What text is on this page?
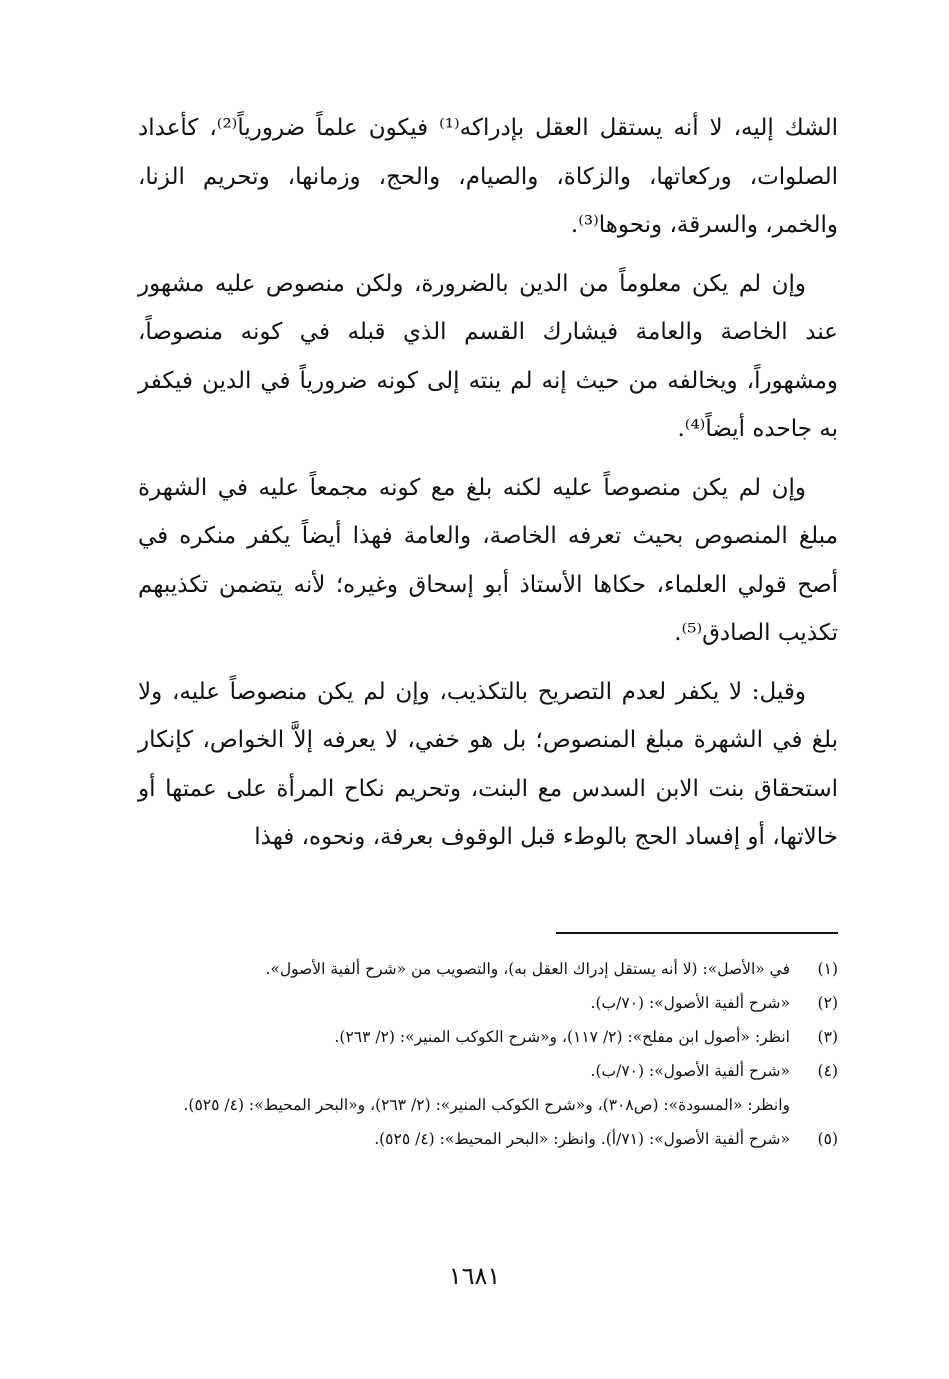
الشك إليه، لا أنه يستقل العقل بإدراكه⁽¹⁾ فيكون علماً ضرورياً⁽²⁾، كأعداد الصلوات، وركعاتها، والزكاة، والصيام، والحج، وزمانها، وتحريم الزنا، والخمر، والسرقة، ونحوها⁽³⁾.

وإن لم يكن معلوماً من الدين بالضرورة، ولكن منصوص عليه مشهور عند الخاصة والعامة فيشارك القسم الذي قبله في كونه منصوصاً، ومشهوراً، ويخالفه من حيث إنه لم ينته إلى كونه ضرورياً في الدين فيكفر به جاحده أيضاً⁽⁴⁾.

وإن لم يكن منصوصاً عليه لكنه بلغ مع كونه مجمعاً عليه في الشهرة مبلغ المنصوص بحيث تعرفه الخاصة، والعامة فهذا أيضاً يكفر منكره في أصح قولي العلماء، حكاها الأستاذ أبو إسحاق وغيره؛ لأنه يتضمن تكذيبهم تكذيب الصادق⁽⁵⁾.

وقيل: لا يكفر لعدم التصريح بالتكذيب، وإن لم يكن منصوصاً عليه، ولا بلغ في الشهرة مبلغ المنصوص؛ بل هو خفي، لا يعرفه إلاَّ الخواص، كإنكار استحقاق بنت الابن السدس مع البنت، وتحريم نكاح المرأة على عمتها أو خالاتها، أو إفساد الحج بالوطء قبل الوقوف بعرفة، ونحوه، فهذا

(١)
في «الأصل»: (لا أنه يستقل إدراك العقل به)، والتصويب من «شرح ألفية الأصول».
(٢)
«شرح ألفية الأصول»: (٧٠/ب).
(٣)
انظر: «أصول ابن مفلح»: (٢/ ١١٧)، و«شرح الكوكب المنير»: (٢/ ٢٦٣).
(٤)
«شرح ألفية الأصول»: (٧٠/ب).

وانظر: «المسودة»: (ص٣٠٨)، و«شرح الكوكب المنير»: (٢/ ٢٦٣)، و«البحر المحيط»: (٤/ ٥٢٥).

(٥)
«شرح ألفية الأصول»: (٧١/أ). وانظر: «البحر المحيط»: (٤/ ٥٢٥).
١٦٨١
